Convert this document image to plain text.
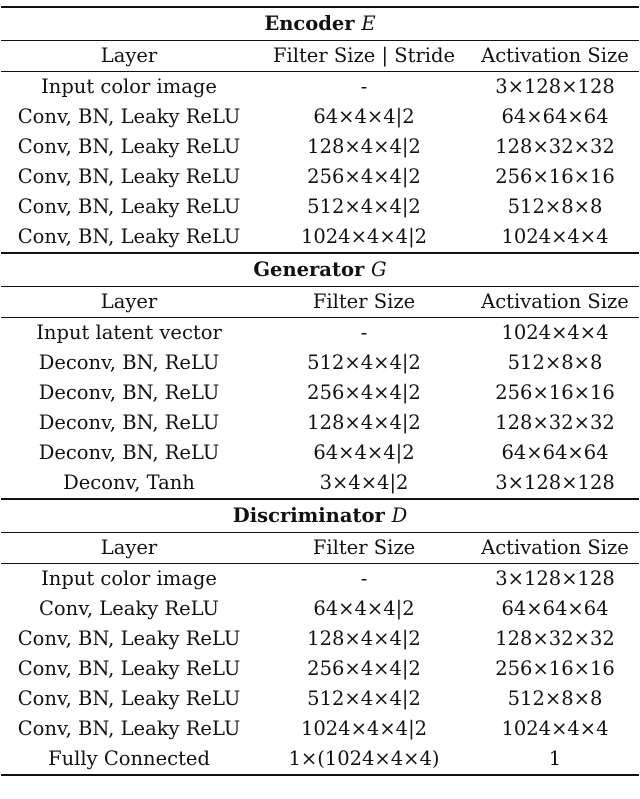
Encoder E		
Layer	Filter Size | Stride	Activation Size
Input color image	-	3×128×128
Conv, BN, Leaky ReLU	64×4×4|2	64×64×64
Conv, BN, Leaky ReLU	128×4×4|2	128×32×32
Conv, BN, Leaky ReLU	256×4×4|2	256×16×16
Conv, BN, Leaky ReLU	512×4×4|2	512×8×8
Conv, BN, Leaky ReLU	1024×4×4|2	1024×4×4
Generator G		
Layer	Filter Size	Activation Size
Input latent vector	-	1024×4×4
Deconv, BN, ReLU	512×4×4|2	512×8×8
Deconv, BN, ReLU	256×4×4|2	256×16×16
Deconv, BN, ReLU	128×4×4|2	128×32×32
Deconv, BN, ReLU	64×4×4|2	64×64×64
Deconv, Tanh	3×4×4|2	3×128×128
Discriminator D		
Layer	Filter Size	Activation Size
Input color image	-	3×128×128
Conv, Leaky ReLU	64×4×4|2	64×64×64
Conv, BN, Leaky ReLU	128×4×4|2	128×32×32
Conv, BN, Leaky ReLU	256×4×4|2	256×16×16
Conv, BN, Leaky ReLU	512×4×4|2	512×8×8
Conv, BN, Leaky ReLU	1024×4×4|2	1024×4×4
Fully Connected	1×(1024×4×4)	1
